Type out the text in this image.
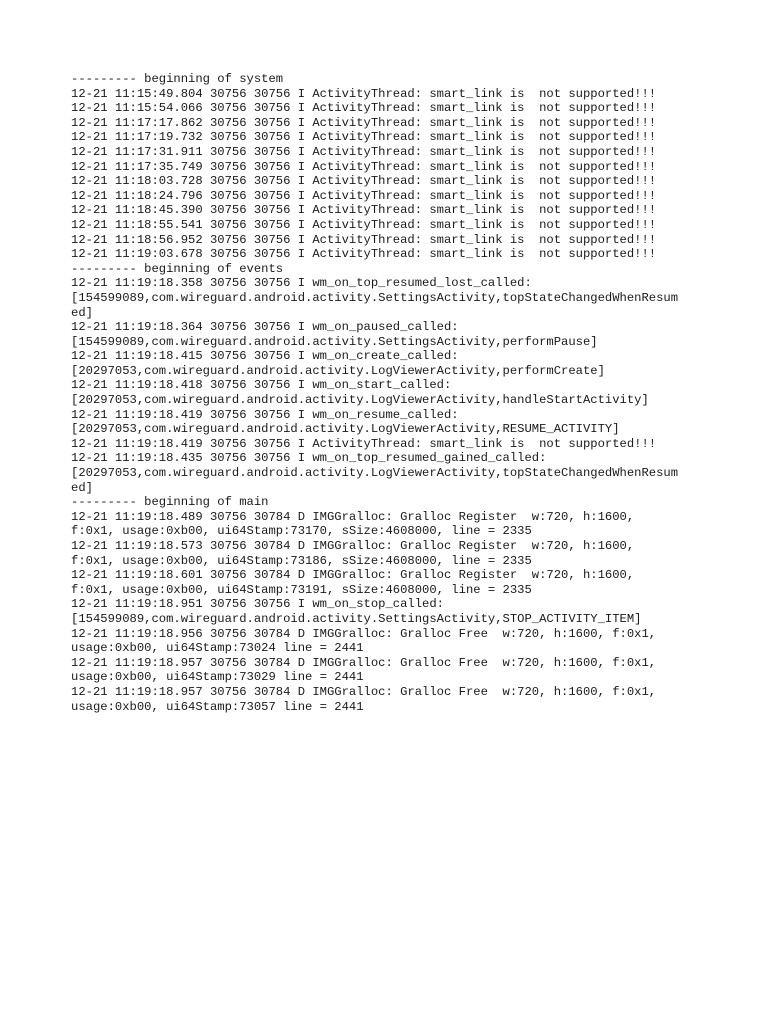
--------- beginning of system
12-21 11:15:49.804 30756 30756 I ActivityThread: smart_link is  not supported!!!
12-21 11:15:54.066 30756 30756 I ActivityThread: smart_link is  not supported!!!
12-21 11:17:17.862 30756 30756 I ActivityThread: smart_link is  not supported!!!
12-21 11:17:19.732 30756 30756 I ActivityThread: smart_link is  not supported!!!
12-21 11:17:31.911 30756 30756 I ActivityThread: smart_link is  not supported!!!
12-21 11:17:35.749 30756 30756 I ActivityThread: smart_link is  not supported!!!
12-21 11:18:03.728 30756 30756 I ActivityThread: smart_link is  not supported!!!
12-21 11:18:24.796 30756 30756 I ActivityThread: smart_link is  not supported!!!
12-21 11:18:45.390 30756 30756 I ActivityThread: smart_link is  not supported!!!
12-21 11:18:55.541 30756 30756 I ActivityThread: smart_link is  not supported!!!
12-21 11:18:56.952 30756 30756 I ActivityThread: smart_link is  not supported!!!
12-21 11:19:03.678 30756 30756 I ActivityThread: smart_link is  not supported!!!
--------- beginning of events
12-21 11:19:18.358 30756 30756 I wm_on_top_resumed_lost_called:
[154599089,com.wireguard.android.activity.SettingsActivity,topStateChangedWhenResum
ed]
12-21 11:19:18.364 30756 30756 I wm_on_paused_called:
[154599089,com.wireguard.android.activity.SettingsActivity,performPause]
12-21 11:19:18.415 30756 30756 I wm_on_create_called:
[20297053,com.wireguard.android.activity.LogViewerActivity,performCreate]
12-21 11:19:18.418 30756 30756 I wm_on_start_called:
[20297053,com.wireguard.android.activity.LogViewerActivity,handleStartActivity]
12-21 11:19:18.419 30756 30756 I wm_on_resume_called:
[20297053,com.wireguard.android.activity.LogViewerActivity,RESUME_ACTIVITY]
12-21 11:19:18.419 30756 30756 I ActivityThread: smart_link is  not supported!!!
12-21 11:19:18.435 30756 30756 I wm_on_top_resumed_gained_called:
[20297053,com.wireguard.android.activity.LogViewerActivity,topStateChangedWhenResum
ed]
--------- beginning of main
12-21 11:19:18.489 30756 30784 D IMGGralloc: Gralloc Register  w:720, h:1600,
f:0x1, usage:0xb00, ui64Stamp:73170, sSize:4608000, line = 2335
12-21 11:19:18.573 30756 30784 D IMGGralloc: Gralloc Register  w:720, h:1600,
f:0x1, usage:0xb00, ui64Stamp:73186, sSize:4608000, line = 2335
12-21 11:19:18.601 30756 30784 D IMGGralloc: Gralloc Register  w:720, h:1600,
f:0x1, usage:0xb00, ui64Stamp:73191, sSize:4608000, line = 2335
12-21 11:19:18.951 30756 30756 I wm_on_stop_called:
[154599089,com.wireguard.android.activity.SettingsActivity,STOP_ACTIVITY_ITEM]
12-21 11:19:18.956 30756 30784 D IMGGralloc: Gralloc Free  w:720, h:1600, f:0x1,
usage:0xb00, ui64Stamp:73024 line = 2441
12-21 11:19:18.957 30756 30784 D IMGGralloc: Gralloc Free  w:720, h:1600, f:0x1,
usage:0xb00, ui64Stamp:73029 line = 2441
12-21 11:19:18.957 30756 30784 D IMGGralloc: Gralloc Free  w:720, h:1600, f:0x1,
usage:0xb00, ui64Stamp:73057 line = 2441
